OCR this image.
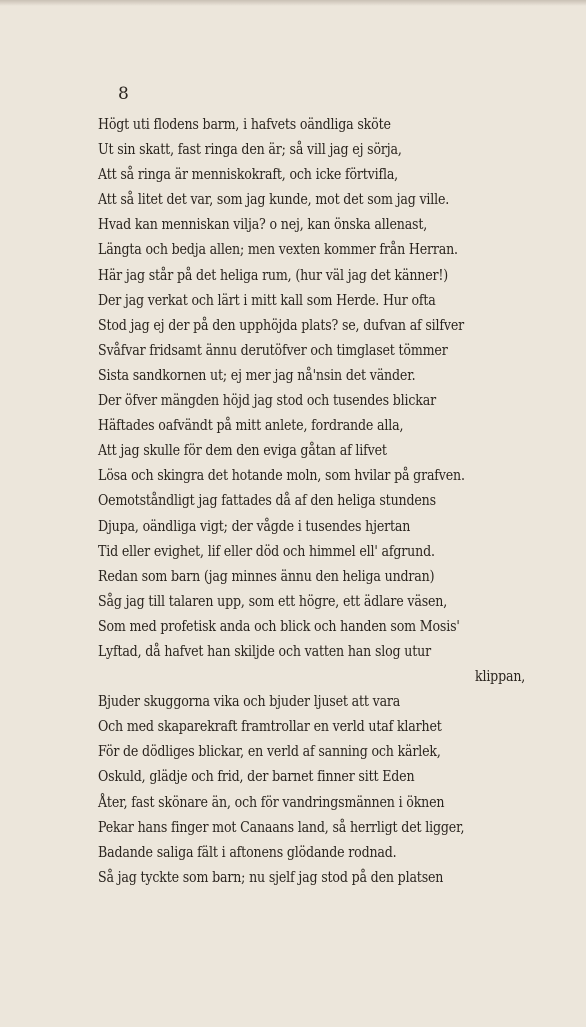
8
Högt uti flodens barm, i hafvets oändliga sköte
Ut sin skatt, fast ringa den är; så vill jag ej sörja,
Att så ringa är menniskokraft, och icke förtvifla,
Att så litet det var, som jag kunde, mot det som jag ville.
Hvad kan menniskan vilja? o nej, kan önska allenast,
Längta och bedja allen; men vexten kommer från Herran.
Här jag står på det heliga rum, (hur väl jag det känner!)
Der jag verkat och lärt i mitt kall som Herde. Hur ofta
Stod jag ej der på den upphöjda plats? se, dufvan af silfver
Svåfvar fridsamt ännu derutöfver och timglaset tömmer
Sista sandkornen ut; ej mer jag nå'nsin det vänder.
Der öfver mängden höjd jag stod och tusendes blickar
Häftades oafvändt på mitt anlete, fordrande alla,
Att jag skulle för dem den eviga gåtan af lifvet
Lösa och skingra det hotande moln, som hvilar på grafven.
Oemotståndligt jag fattades då af den heliga stundens
Djupa, oändliga vigt; der vågde i tusendes hjertan
Tid eller evighet, lif eller död och himmel ell' afgrund.
Redan som barn (jag minnes ännu den heliga undran)
Såg jag till talaren upp, som ett högre, ett ädlare väsen,
Som med profetisk anda och blick och handen som Mosis'
Lyftad, då hafvet han skiljde och vatten han slog utur
klippan,
Bjuder skuggorna vika och bjuder ljuset att vara
Och med skaparekraft framtrollar en verld utaf klarhet
För de dödliges blickar, en verld af sanning och kärlek,
Oskuld, glädje och frid, der barnet finner sitt Eden
Åter, fast skönare än, och för vandringsmännen i öknen
Pekar hans finger mot Canaans land, så herrligt det ligger,
Badande saliga fält i aftonens glödande rodnad.
Så jag tyckte som barn; nu sjelf jag stod på den platsen
